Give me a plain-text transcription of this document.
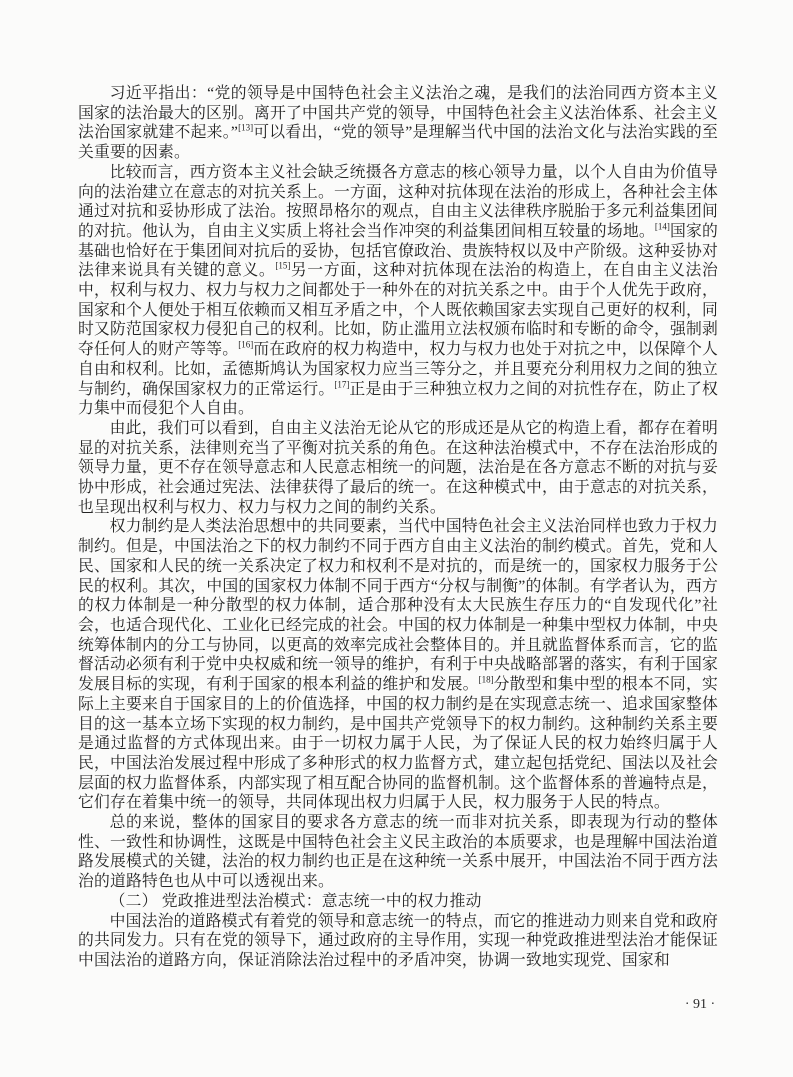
习近平指出：“党的领导是中国特色社会主义法治之魂，是我们的法治同西方资本主义国家的法治最大的区别。离开了中国共产党的领导，中国特色社会主义法治体系、社会主义法治国家就建不起来。”[13]可以看出，“党的领导”是理解当代中国的法治文化与法治实践的至关重要的因素。

比较而言，西方资本主义社会缺乏统摄各方意志的核心领导力量，以个人自由为价值导向的法治建立在意志的对抗关系上。一方面，这种对抗体现在法治的形成上，各种社会主体通过对抗和妥协形成了法治。按照昂格尔的观点，自由主义法律秩序脱胎于多元利益集团间的对抗。他认为，自由主义实质上将社会当作冲突的利益集团间相互较量的场地。[14]国家的基础也恰好在于集团间对抗后的妥协，包括官僚政治、贵族特权以及中产阶级。这种妥协对法律来说具有关键的意义。[15]另一方面，这种对抗体现在法治的构造上，在自由主义法治中，权利与权力、权力与权力之间都处于一种外在的对抗关系之中。由于个人优先于政府，国家和个人便处于相互依赖而又相互矛盾之中，个人既依赖国家去实现自己更好的权利，同时又防范国家权力侵犯自己的权利。比如，防止滥用立法权颁布临时和专断的命令，强制剥夺任何人的财产等等。[16]而在政府的权力构造中，权力与权力也处于对抗之中，以保障个人自由和权利。比如，孟德斯鸠认为国家权力应当三等分之，并且要充分利用权力之间的独立与制约，确保国家权力的正常运行。[17]正是由于三种独立权力之间的对抗性存在，防止了权力集中而侵犯个人自由。

由此，我们可以看到，自由主义法治无论从它的形成还是从它的构造上看，都存在着明显的对抗关系，法律则充当了平衡对抗关系的角色。在这种法治模式中，不存在法治形成的领导力量，更不存在领导意志和人民意志相统一的问题，法治是在各方意志不断的对抗与妥协中形成，社会通过宪法、法律获得了最后的统一。在这种模式中，由于意志的对抗关系，也呈现出权利与权力、权力与权力之间的制约关系。

权力制约是人类法治思想中的共同要素，当代中国特色社会主义法治同样也致力于权力制约。但是，中国法治之下的权力制约不同于西方自由主义法治的制约模式。首先，党和人民、国家和人民的统一关系决定了权力和权利不是对抗的，而是统一的，国家权力服务于公民的权利。其次，中国的国家权力体制不同于西方“分权与制衡”的体制。有学者认为，西方的权力体制是一种分散型的权力体制，适合那种没有太大民族生存压力的“自发现代化”社会，也适合现代化、工业化已经完成的社会。中国的权力体制是一种集中型权力体制，中央统筹体制内的分工与协同，以更高的效率完成社会整体目的。并且就监督体系而言，它的监督活动必须有利于党中央权威和统一领导的维护，有利于中央战略部署的落实，有利于国家发展目标的实现，有利于国家的根本利益的维护和发展。[18]分散型和集中型的根本不同，实际上主要来自于国家目的上的价值选择，中国的权力制约是在实现意志统一、追求国家整体目的这一基本立场下实现的权力制约，是中国共产党领导下的权力制约。这种制约关系主要是通过监督的方式体现出来。由于一切权力属于人民，为了保证人民的权力始终归属于人民，中国法治发展过程中形成了多种形式的权力监督方式，建立起包括党纪、国法以及社会层面的权力监督体系，内部实现了相互配合协同的监督机制。这个监督体系的普遍特点是，它们存在着集中统一的领导，共同体现出权力归属于人民，权力服务于人民的特点。

总的来说，整体的国家目的要求各方意志的统一而非对抗关系，即表现为行动的整体性、一致性和协调性，这既是中国特色社会主义民主政治的本质要求，也是理解中国法治道路发展模式的关键，法治的权力制约也正是在这种统一关系中展开，中国法治不同于西方法治的道路特色也从中可以透视出来。

（二） 党政推进型法治模式：意志统一中的权力推动

中国法治的道路模式有着党的领导和意志统一的特点，而它的推进动力则来自党和政府的共同发力。只有在党的领导下，通过政府的主导作用，实现一种党政推进型法治才能保证中国法治的道路方向，保证消除法治过程中的矛盾冲突，协调一致地实现党、国家和

· 91 ·
